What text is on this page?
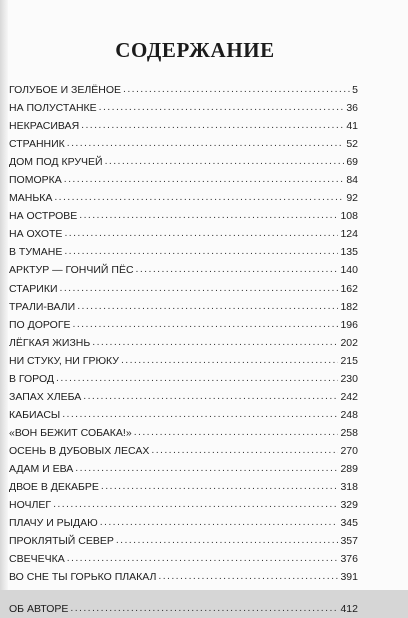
СОДЕРЖАНИЕ
ГОЛУБОЕ И ЗЕЛЁНОЕ .....	5
НА ПОЛУСТАНКЕ .....	36
НЕКРАСИВАЯ .....	41
СТРАННИК .....	52
ДОМ ПОД КРУЧЕЙ .....	69
ПОМОРКА .....	84
МАНЬКА .....	92
НА ОСТРОВЕ .....	108
НА ОХОТЕ .....	124
В ТУМАНЕ .....	135
АРКТУР — ГОНЧИЙ ПЁС .....	140
СТАРИКИ .....	162
ТРАЛИ-ВАЛИ .....	182
ПО ДОРОГЕ .....	196
ЛЁГКАЯ ЖИЗНЬ .....	202
НИ СТУКУ, НИ ГРЮКУ .....	215
В ГОРОД .....	230
ЗАПАХ ХЛЕБА .....	242
КАБИАСЫ .....	248
«ВОН БЕЖИТ СОБАКА!» .....	258
ОСЕНЬ В ДУБОВЫХ ЛЕСАХ .....	270
АДАМ И ЕВА .....	289
ДВОЕ В ДЕКАБРЕ .....	318
НОЧЛЕГ .....	329
ПЛАЧУ И РЫДАЮ .....	345
ПРОКЛЯТЫЙ СЕВЕР .....	357
СВЕЧЕЧКА .....	376
ВО СНЕ ТЫ ГОРЬКО ПЛАКАЛ .....	391
ОБ АВТОРЕ .....	412
